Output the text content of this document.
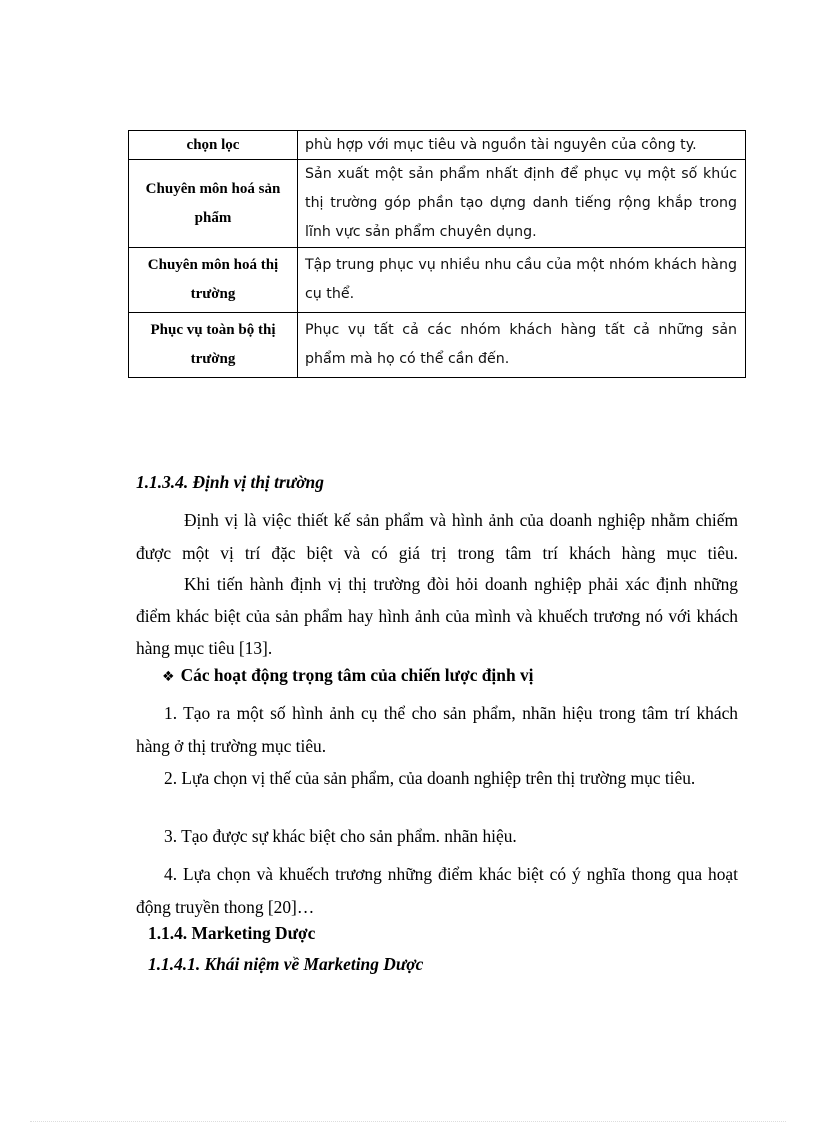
chọn lọc	phù hợp với mục tiêu và nguồn tài nguyên của công ty.
Chuyên môn hoá sản phẩm	Sản xuất một sản phẩm nhất định để phục vụ một số khúc thị trường góp phần tạo dựng danh tiếng rộng khắp trong lĩnh vực sản phẩm chuyên dụng.
Chuyên môn hoá thị trường	Tập trung phục vụ nhiều nhu cầu của một nhóm khách hàng cụ thể.
Phục vụ toàn bộ thị trường	Phục vụ tất cả các nhóm khách hàng tất cả những sản phẩm mà họ có thể cần đến.
1.1.3.4. Định vị thị trường
Định vị là việc thiết kế sản phẩm và hình ảnh của doanh nghiệp nhằm chiếm được một vị trí đặc biệt và có giá trị trong tâm trí khách hàng mục tiêu.
Khi tiến hành định vị thị trường đòi hỏi doanh nghiệp phải xác định những điểm khác biệt của sản phẩm hay hình ảnh của mình và khuếch trương nó với khách hàng mục tiêu [13].
❖ Các hoạt động trọng tâm của chiến lược định vị
1. Tạo ra một số hình ảnh cụ thể cho sản phẩm, nhãn hiệu trong tâm trí khách hàng ở thị trường mục tiêu.
2. Lựa chọn vị thế của sản phẩm, của doanh nghiệp trên thị trường mục tiêu.
3. Tạo được sự khác biệt cho sản phẩm. nhãn hiệu.
4. Lựa chọn và khuếch trương những điểm khác biệt có ý nghĩa thong qua hoạt động truyền thong [20]…
1.1.4. Marketing Dược
1.1.4.1. Khái niệm về Marketing Dược
